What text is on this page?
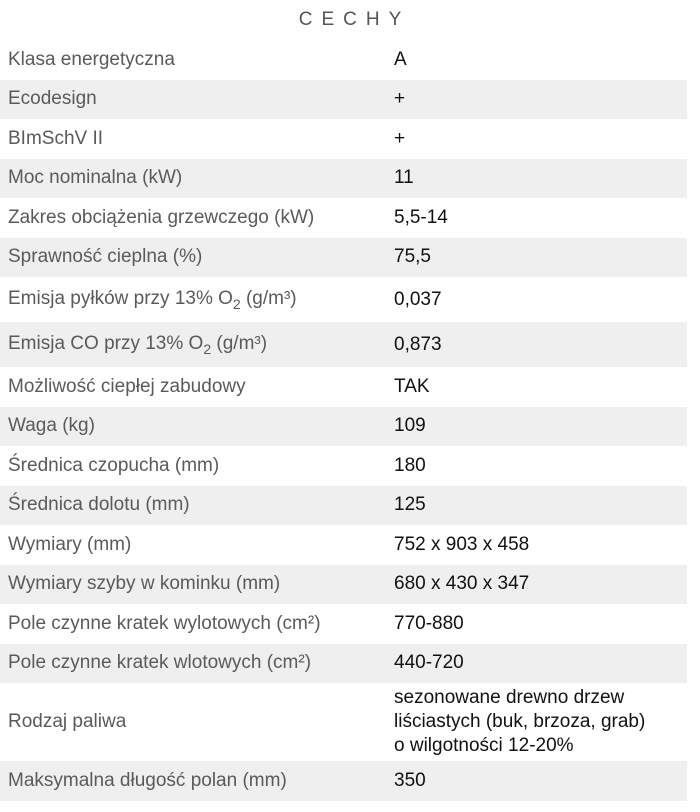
CECHY
Klasa energetyczna	A
Ecodesign	+
BImSchV II	+
Moc nominalna (kW)	11
Zakres obciążenia grzewczego (kW)	5,5-14
Sprawność cieplna (%)	75,5
Emisja pyłków przy 13% $O_2$ (g/m³)	0,037
Emisja CO przy 13% $O_2$ (g/m³)	0,873
Możliwość ciepłej zabudowy	TAK
Waga (kg)	109
Średnica czopucha (mm)	180
Średnica dolotu (mm)	125
Wymiary (mm)	752 x 903 x 458
Wymiary szyby w kominku (mm)	680 x 430 x 347
Pole czynne kratek wylotowych (cm²)	770-880
Pole czynne kratek wlotowych (cm²)	440-720
Rodzaj paliwa	sezonowane drewno drzew
liściastych (buk, brzoza, grab)
o wilgotności 12-20%

Maksymalna długość polan (mm)	350
